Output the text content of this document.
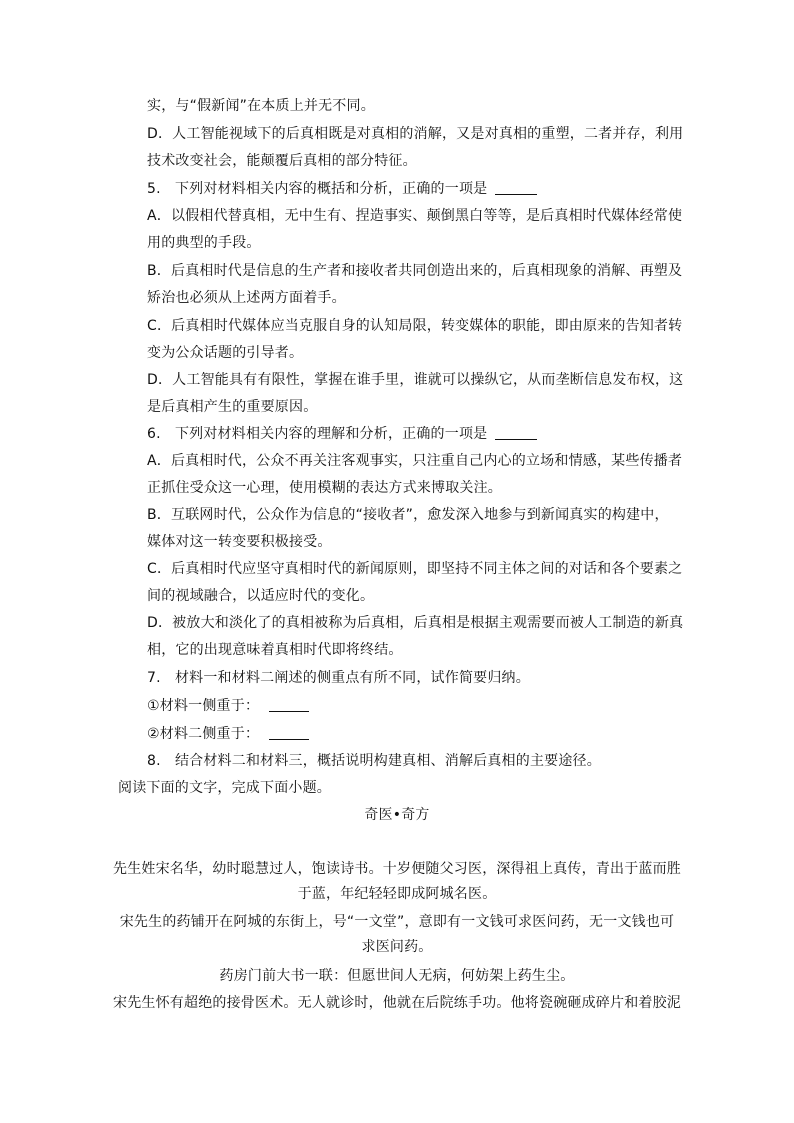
实，与“假新闻”在本质上并无不同。
D．人工智能视域下的后真相既是对真相的消解，又是对真相的重塑，二者并存，利用
技术改变社会，能颠覆后真相的部分特征。
5.　下列对材料相关内容的概括和分析，正确的一项是
A．以假相代替真相，无中生有、捏造事实、颠倒黑白等等，是后真相时代媒体经常使
用的典型的手段。
B．后真相时代是信息的生产者和接收者共同创造出来的，后真相现象的消解、再塑及
矫治也必须从上述两方面着手。
C．后真相时代媒体应当克服自身的认知局限，转变媒体的职能，即由原来的告知者转
变为公众话题的引导者。
D．人工智能具有有限性，掌握在谁手里，谁就可以操纵它，从而垄断信息发布权，这
是后真相产生的重要原因。
6.　下列对材料相关内容的理解和分析，正确的一项是
A．后真相时代，公众不再关注客观事实，只注重自己内心的立场和情感，某些传播者
正抓住受众这一心理，使用模糊的表达方式来博取关注。
B．互联网时代，公众作为信息的“接收者”，愈发深入地参与到新闻真实的构建中，
媒体对这一转变要积极接受。
C．后真相时代应坚守真相时代的新闻原则，即坚持不同主体之间的对话和各个要素之
间的视域融合，以适应时代的变化。
D．被放大和淡化了的真相被称为后真相，后真相是根据主观需要而被人工制造的新真
相，它的出现意味着真相时代即将终结。
7.　材料一和材料二阐述的侧重点有所不同，试作简要归纳。
①材料一侧重于：
②材料二侧重于：
8.　结合材料二和材料三，概括说明构建真相、消解后真相的主要途径。
阅读下面的文字，完成下面小题。
奇医•奇方
先生姓宋名华，幼时聪慧过人，饱读诗书。十岁便随父习医，深得祖上真传，青出于蓝而胜
于蓝，年纪轻轻即成阿城名医。
宋先生的药铺开在阿城的东街上，号“一文堂”，意即有一文钱可求医问药，无一文钱也可
求医问药。
药房门前大书一联：但愿世间人无病，何妨架上药生尘。
宋先生怀有超绝的接骨医术。无人就诊时，他就在后院练手功。他将瓷碗砸成碎片和着胶泥
